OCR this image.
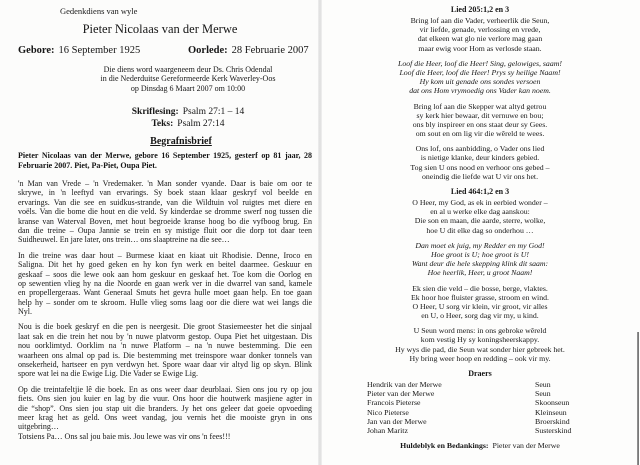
Gedenkdiens van wyle
Pieter Nicolaas van der Merwe
Gebore: 16 September 1925	Oorlede: 28 Februarie 2007
Die diens word waargeneem deur Ds. Chris Odendal
in die Nederduitse Gereformeerde Kerk Waverley-Oos
op Dinsdag 6 Maart 2007 om 10:00
Skriflesing: Psalm 27:1 – 14
Teks: Psalm 27:14
Begrafnisbrief
Pieter Nicolaas van der Merwe, gebore 16 September 1925, gesterf op 81 jaar, 28
Februarie 2007. Piet, Pa-Piet, Oupa Piet.
'n Man van Vrede – 'n Vredemaker. 'n Man sonder vyande. Daar is baie om oor te
skrywe, in 'n leeftyd van ervarings. Sy boek staan klaar geskryf vol beelde en
ervarings. Van die see en suidkus-strande, van die Wildtuin vol ruigtes met diere en
voëls. Van die bome die hout en die veld. Sy kinderdae se dromme swerf nog tussen die
kranse van Waterval Boven, met hout begroeide kranse hoog bo die vyfboog brug. En
dan die treine – Oupa Jannie se trein en sy mistige fluit oor die dorp tot daar teen
Suidheuwel. En jare later, ons trein… ons slaaptreine na die see…
In die treine was daar hout – Burmese kiaat en kiaat uit Rhodisie. Denne, Iroco en
Saligna. Dit het hy goed geken en hy kon fyn werk en beitel daarmee. Geskuur en
geskaaf – soos die lewe ook aan hom geskuur en geskaaf het. Toe kom die Oorlog en
op sewentien vlieg hy na die Noorde en gaan werk ver in die dwarrel van sand, kamele
en propellergeraas. Want Generaal Smuts het gevra hulle moet gaan help. En toe gaan
help hy – sonder om te skroom. Hulle vlieg soms laag oor die diere wat wei langs die
Nyl.
Nou is die boek geskryf en die pen is neergesit. Die groot Stasiemeester het die sinjaal
laat sak en die trein het nou by 'n nuwe platvorm gestop. Oupa Piet het uitgestaan. Dis
nou oorklimtyd. Oorklim na 'n nuwe Platform – na 'n nuwe bestemming. Die een
waarheen ons almal op pad is. Die bestemming met treinspore waar donker tonnels van
onsekerheid, hartseer en pyn verdwyn het. Spore waar daar vir altyd lig op skyn. Blink
spore wat lei na die Ewige Lig. Die Vader se Ewige Lig.
Op die treintafeltjie lê die boek. En as ons weer daar deurblaai. Sien ons jou ry op jou
fiets. Ons sien jou kuier en lag by die vuur. Ons hoor die houtwerk masjiene agter in
die “shop”. Ons sien jou stap uit die branders. Jy het ons geleer dat goeie opvoeding
meer krag het as geld. Ons weet vandag, jou vernis het die mooiste gryn in ons
uitgebring…
Totsiens Pa… Ons sal jou baie mis. Jou lewe was vir ons 'n fees!!!
Lied 205:1,2 en 3
Bring lof aan die Vader, verheerlik die Seun,
vir liefde, genade, verlossing en vrede,
dat elkeen wat glo nie verlore mag gaan
maar ewig voor Hom as verlosde staan.
Loof die Heer, loof die Heer! Sing, gelowiges, saam!
Loof die Heer, loof die Heer! Prys sy heilige Naam!
Hy kom uit genade ons sondes versoen
dat ons Hom vrymoedig ons Vader kan noem.
Bring lof aan die Skepper wat altyd getrou
sy kerk hier bewaar, dit vernuwe en bou;
ons bly inspireer en ons staat deur sy Gees.
om sout en om lig vir die wêreld te wees.
Ons lof, ons aanbidding, o Vader ons lied
is nietige klanke, deur kinders gebied.
Tog sien U ons nood en verhoor ons gebed –
oneindig die liefde wat U vir ons het.
Lied 464:1,2 en 3
O Heer, my God, as ek in eerbied wonder –
en al u werke elke dag aanskou:
Die son en maan, die aarde, sterre, wolke,
hoe U dit elke dag so onderhou …
Dan moet ek juig, my Redder en my God!
Hoe groot is U; hoe groot is U!
Want deur die hele skepping klink dit saam:
Hoe heerlik, Heer, u groot Naam!
Ek sien die veld – die bosse, berge, vlaktes.
Ek hoor hoe fluister grasse, stroom en wind.
O Heer, U sorg vir klein, vir groot, vir alles
en U, o Heer, sorg dag vir my, u kind.
U Seun word mens: in ons gebroke wêreld
kom vestig Hy sy koningsheerskappy.
Hy wys die pad, die Seun wat sonder hier gebreek het.
Hy bring weer hoop en redding – ook vir my.
Draers
Hendrik van der Merwe	Seun
Pieter van der Merwe	Seun
Francois Pieterse	Skoonseun
Nico Pieterse	Kleinseun
Jan van der Merwe	Broerskind
Johan Maritz	Susterskind
Huldeblyk en Bedankings: Pieter van der Merwe
